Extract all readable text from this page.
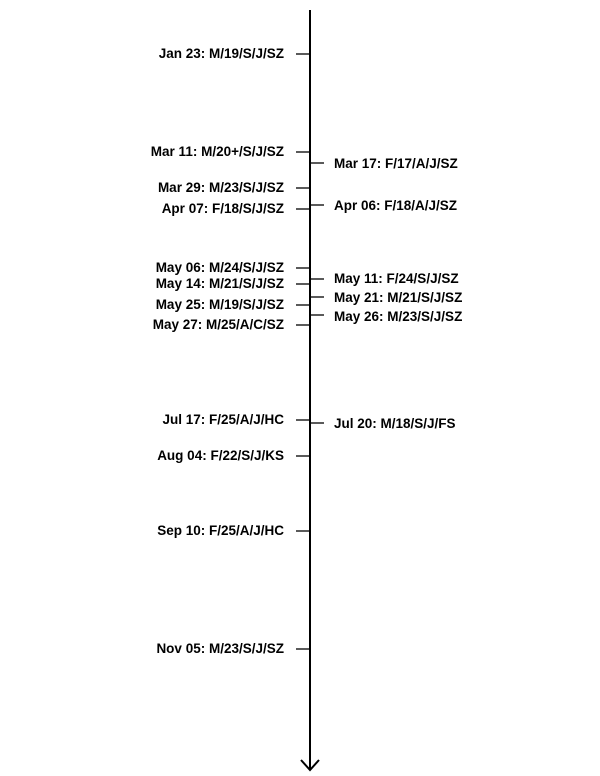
Jan 23: M/19/S/J/SZ
Mar 11: M/20+/S/J/SZ
Mar 29: M/23/S/J/SZ
Apr 07: F/18/S/J/SZ
May 06: M/24/S/J/SZ
May 14: M/21/S/J/SZ
May 25: M/19/S/J/SZ
May 27: M/25/A/C/SZ
Jul 17: F/25/A/J/HC
Aug 04: F/22/S/J/KS
Sep 10: F/25/A/J/HC
Nov 05: M/23/S/J/SZ
Mar 17: F/17/A/J/SZ
Apr 06: F/18/A/J/SZ
May 11: F/24/S/J/SZ
May 21: M/21/S/J/SZ
May 26: M/23/S/J/SZ
Jul 20: M/18/S/J/FS
